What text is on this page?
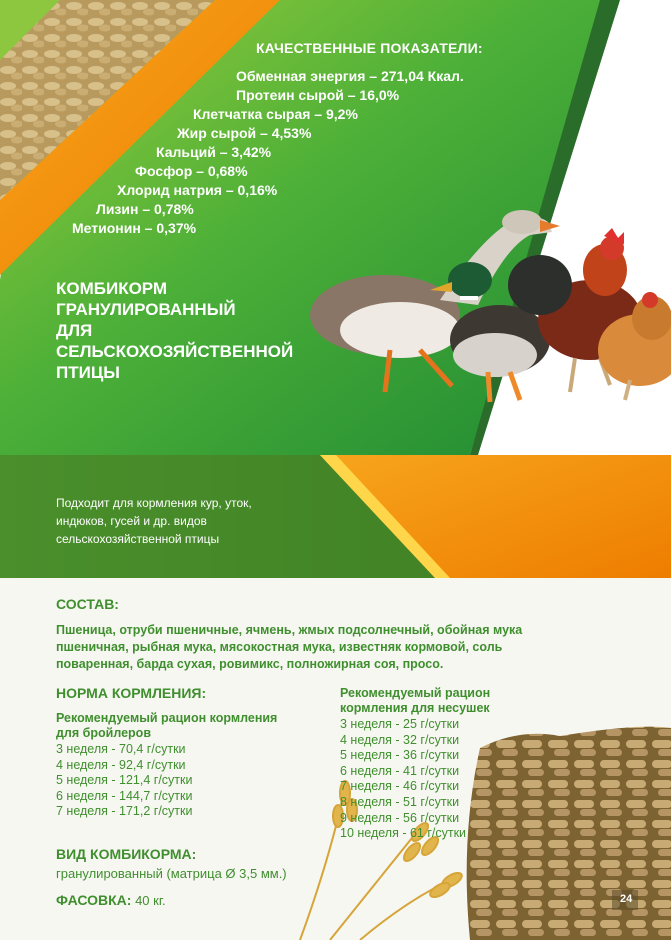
КАЧЕСТВЕННЫЕ ПОКАЗАТЕЛИ:
Обменная энергия – 271,04 Ккал.
Протеин сырой – 16,0%
Клетчатка сырая – 9,2%
Жир сырой – 4,53%
Кальций – 3,42%
Фосфор – 0,68%
Хлорид натрия – 0,16%
Лизин – 0,78%
Метионин – 0,37%
КОМБИКОРМ
ГРАНУЛИРОВАННЫЙ
ДЛЯ
СЕЛЬСКОХОЗЯЙСТВЕННОЙ
ПТИЦЫ
Подходит для кормления кур, уток,
индюков, гусей и др. видов
сельскохозяйственной птицы
СОСТАВ:
Пшеница, отруби пшеничные, ячмень, жмых подсолнечный, обойная мука
пшеничная, рыбная мука, мясокостная мука, известняк кормовой, соль
поваренная, барда сухая, ровимикс, полножирная соя, просо.
НОРМА КОРМЛЕНИЯ:
Рекомендуемый рацион кормления
для бройлеров
3 неделя - 70,4 г/сутки
4 неделя - 92,4 г/сутки
5 неделя - 121,4 г/сутки
6 неделя - 144,7 г/сутки
7 неделя - 171,2 г/сутки
Рекомендуемый рацион
кормления для несушек
3 неделя - 25 г/сутки
4 неделя - 32 г/сутки
5 неделя - 36 г/сутки
6 неделя - 41 г/сутки
7 неделя - 46 г/сутки
8 неделя - 51 г/сутки
9 неделя - 56 г/сутки
10 неделя - 61 г/сутки
ВИД КОМБИКОРМА:
гранулированный (матрица Ø 3,5 мм.)
ФАСОВКА: 40 кг.	24
